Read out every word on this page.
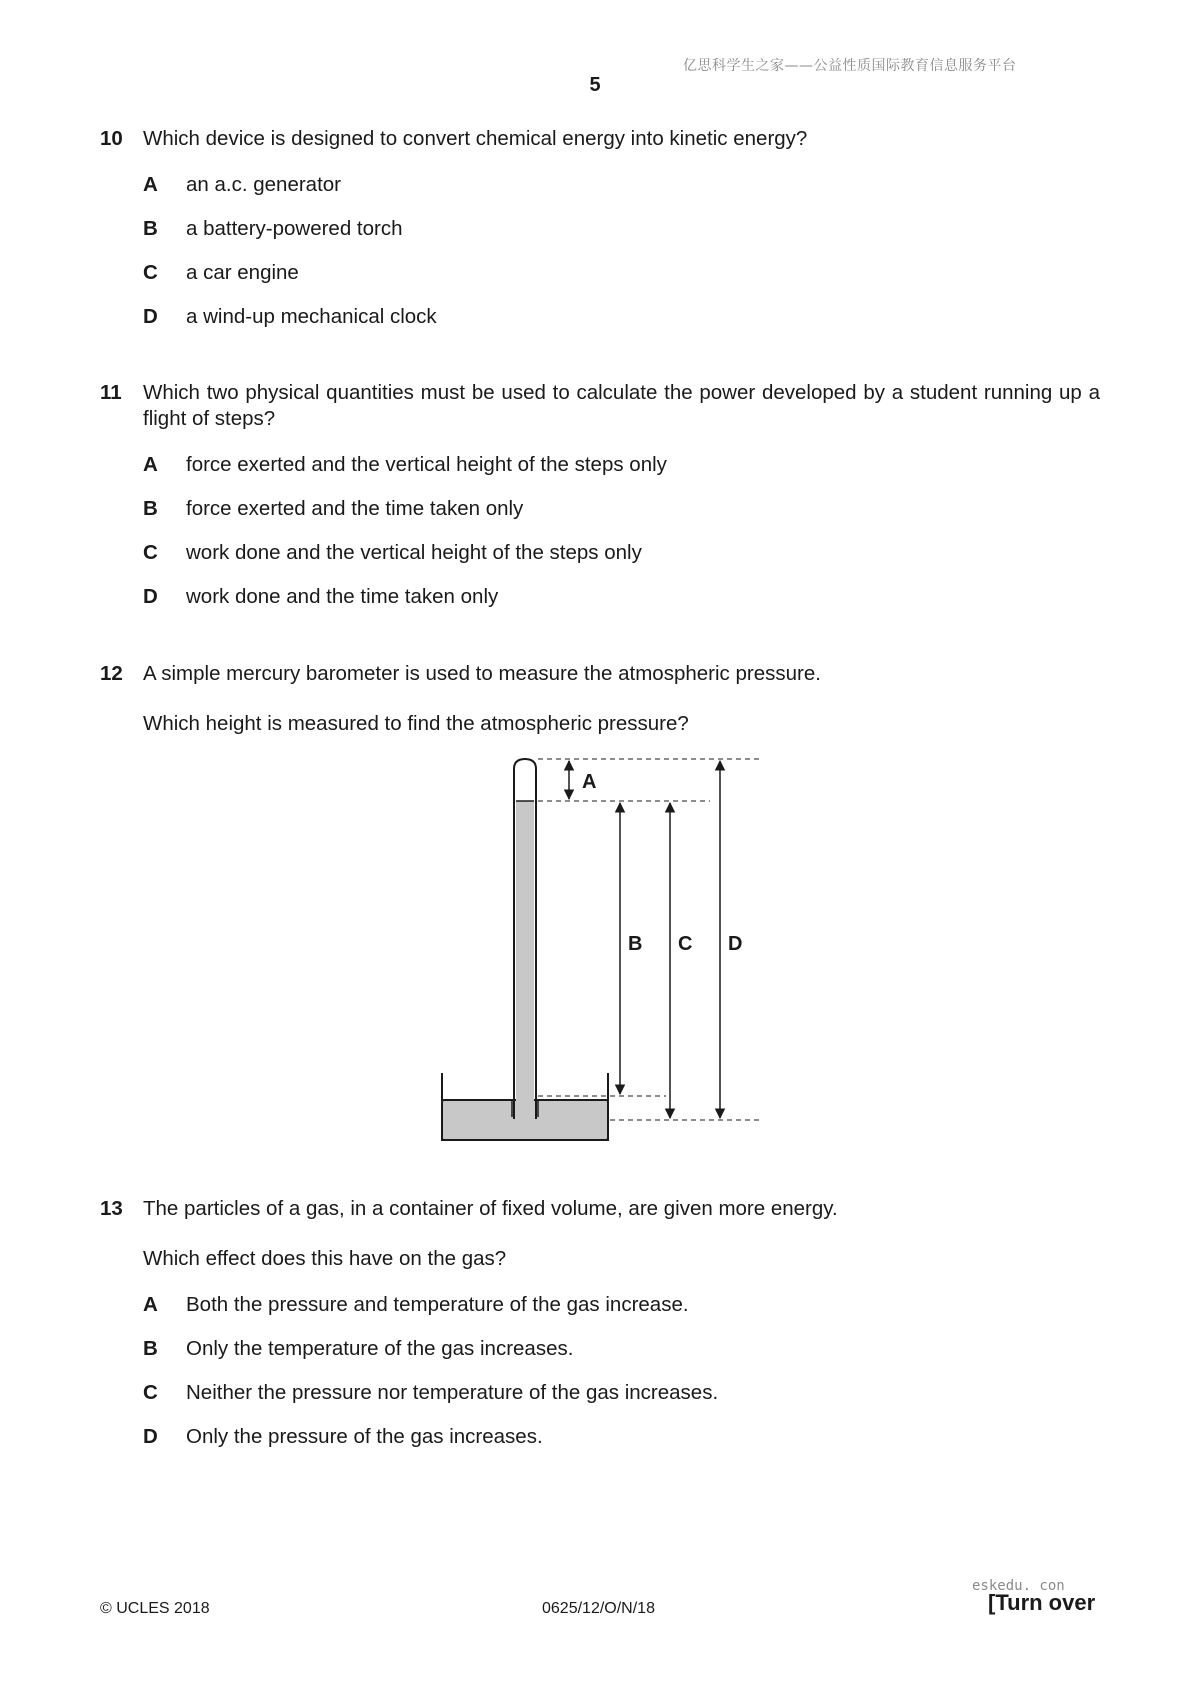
亿思科学生之家——公益性质国际教育信息服务平台
5
10 Which device is designed to convert chemical energy into kinetic energy?
A an a.c. generator
B a battery-powered torch
C a car engine
D a wind-up mechanical clock
11 Which two physical quantities must be used to calculate the power developed by a student running up a flight of steps?
A force exerted and the vertical height of the steps only
B force exerted and the time taken only
C work done and the vertical height of the steps only
D work done and the time taken only
12 A simple mercury barometer is used to measure the atmospheric pressure.
Which height is measured to find the atmospheric pressure?
A
B C D
13 The particles of a gas, in a container of fixed volume, are given more energy.
Which effect does this have on the gas?
A Both the pressure and temperature of the gas increase.
B Only the temperature of the gas increases.
C Neither the pressure nor temperature of the gas increases.
D Only the pressure of the gas increases.
eskedu. con
© UCLES 2018	0625/12/O/N/18	[Turn over
